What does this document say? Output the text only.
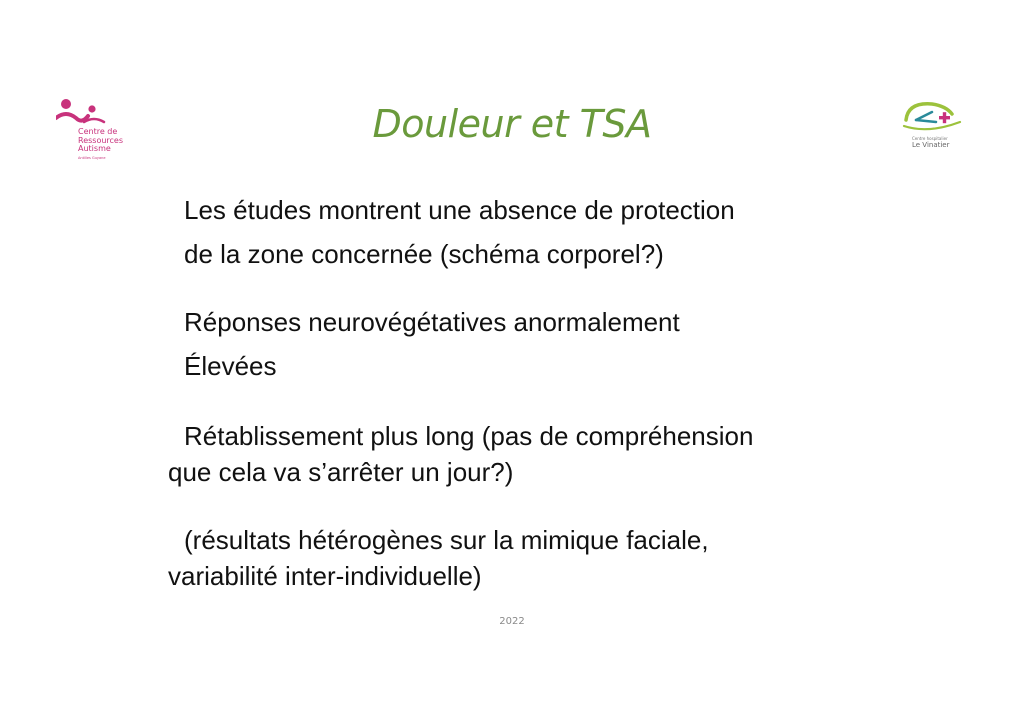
Centre de
Ressources
Autisme
Antilles Guyane
Douleur et TSA	Centre hospitalier
Le Vinatier

Les études montrent une absence de protection
de la zone concernée (schéma corporel?)

Réponses neurovégétatives anormalement
Élevées

Rétablissement plus long (pas de compréhension
que cela va s’arrêter un jour?)

(résultats hétérogènes sur la mimique faciale,
variabilité inter-individuelle)

2022
